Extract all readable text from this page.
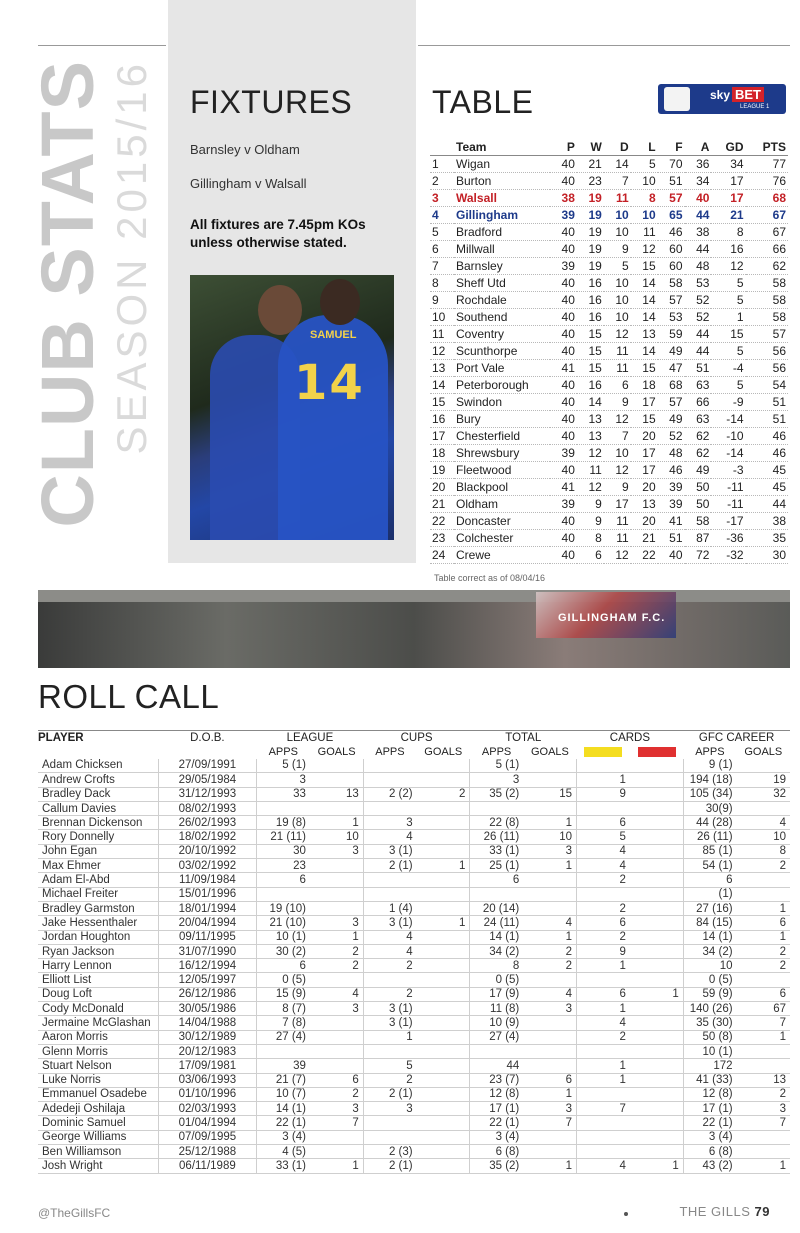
CLUB STATS SEASON 2015/16 FIXTURES
Barnsley v Oldham
Gillingham v Walsall
All fixtures are 7.45pm KOs unless otherwise stated.
SAMUEL
14
TABLE	sky BET
LEAGUE 1
	Team	P	W	D	L	F	A	GD	PTS
1	Wigan	40	21	14	5	70	36	34	77
2	Burton	40	23	7	10	51	34	17	76
3	Walsall	38	19	11	8	57	40	17	68
4	Gillingham	39	19	10	10	65	44	21	67
5	Bradford	40	19	10	11	46	38	8	67
6	Millwall	40	19	9	12	60	44	16	66
7	Barnsley	39	19	5	15	60	48	12	62
8	Sheff Utd	40	16	10	14	58	53	5	58
9	Rochdale	40	16	10	14	57	52	5	58
10	Southend	40	16	10	14	53	52	1	58
11	Coventry	40	15	12	13	59	44	15	57
12	Scunthorpe	40	15	11	14	49	44	5	56
13	Port Vale	41	15	11	15	47	51	-4	56
14	Peterborough	40	16	6	18	68	63	5	54
15	Swindon	40	14	9	17	57	66	-9	51
16	Bury	40	13	12	15	49	63	-14	51
17	Chesterfield	40	13	7	20	52	62	-10	46
18	Shrewsbury	39	12	10	17	48	62	-14	46
19	Fleetwood	40	11	12	17	46	49	-3	45
20	Blackpool	41	12	9	20	39	50	-11	45
21	Oldham	39	9	17	13	39	50	-11	44
22	Doncaster	40	9	11	20	41	58	-17	38
23	Colchester	40	8	11	21	51	87	-36	35
24	Crewe	40	6	12	22	40	72	-32	30
Table correct as of 08/04/16
GILLINGHAM F.C.
ROLL CALL
PLAYER	D.O.B.	LEAGUE		CUPS		TOTAL		CARDS		GFC CAREER	
		APPS	GOALS	APPS	GOALS	APPS	GOALS			APPS	GOALS
Adam Chicksen	27/09/1991	5 (1)				5 (1)				9 (1)	
Andrew Crofts	29/05/1984	3				3		1		194 (18)	19
Bradley Dack	31/12/1993	33	13	2 (2)	2	35 (2)	15	9		105 (34)	32
Callum Davies	08/02/1993									30(9)	
Brennan Dickenson	26/02/1993	19 (8)	1	3		22 (8)	1	6		44 (28)	4
Rory Donnelly	18/02/1992	21 (11)	10	4		26 (11)	10	5		26 (11)	10
John Egan	20/10/1992	30	3	3 (1)		33 (1)	3	4		85 (1)	8
Max Ehmer	03/02/1992	23		2 (1)	1	25 (1)	1	4		54 (1)	2
Adam El-Abd	11/09/1984	6				6		2		6	
Michael Freiter	15/01/1996									(1)	
Bradley Garmston	18/01/1994	19 (10)		1 (4)		20 (14)		2		27 (16)	1
Jake Hessenthaler	20/04/1994	21 (10)	3	3 (1)	1	24 (11)	4	6		84 (15)	6
Jordan Houghton	09/11/1995	10 (1)	1	4		14 (1)	1	2		14 (1)	1
Ryan Jackson	31/07/1990	30 (2)	2	4		34 (2)	2	9		34 (2)	2
Harry Lennon	16/12/1994	6	2	2		8	2	1		10	2
Elliott List	12/05/1997	0 (5)				0 (5)				0 (5)	
Doug Loft	26/12/1986	15 (9)	4	2		17 (9)	4	6	1	59 (9)	6
Cody McDonald	30/05/1986	8 (7)	3	3 (1)		11 (8)	3	1		140 (26)	67
Jermaine McGlashan	14/04/1988	7 (8)		3 (1)		10 (9)		4		35 (30)	7
Aaron Morris	30/12/1989	27 (4)		1		27 (4)		2		50 (8)	1
Glenn Morris	20/12/1983									10 (1)	
Stuart Nelson	17/09/1981	39		5		44		1		172	
Luke Norris	03/06/1993	21 (7)	6	2		23 (7)	6	1		41 (33)	13
Emmanuel Osadebe	01/10/1996	10 (7)	2	2 (1)		12 (8)	1			12 (8)	2
Adedeji Oshilaja	02/03/1993	14 (1)	3	3		17 (1)	3	7		17 (1)	3
Dominic Samuel	01/04/1994	22 (1)	7			22 (1)	7			22 (1)	7
George Williams	07/09/1995	3 (4)				3 (4)				3 (4)	
Ben Williamson	25/12/1988	4 (5)		2 (3)		6 (8)				6 (8)	
Josh Wright	06/11/1989	33 (1)	1	2 (1)		35 (2)	1	4	1	43 (2)	1
@TheGillsFC	THE GILLS 79
